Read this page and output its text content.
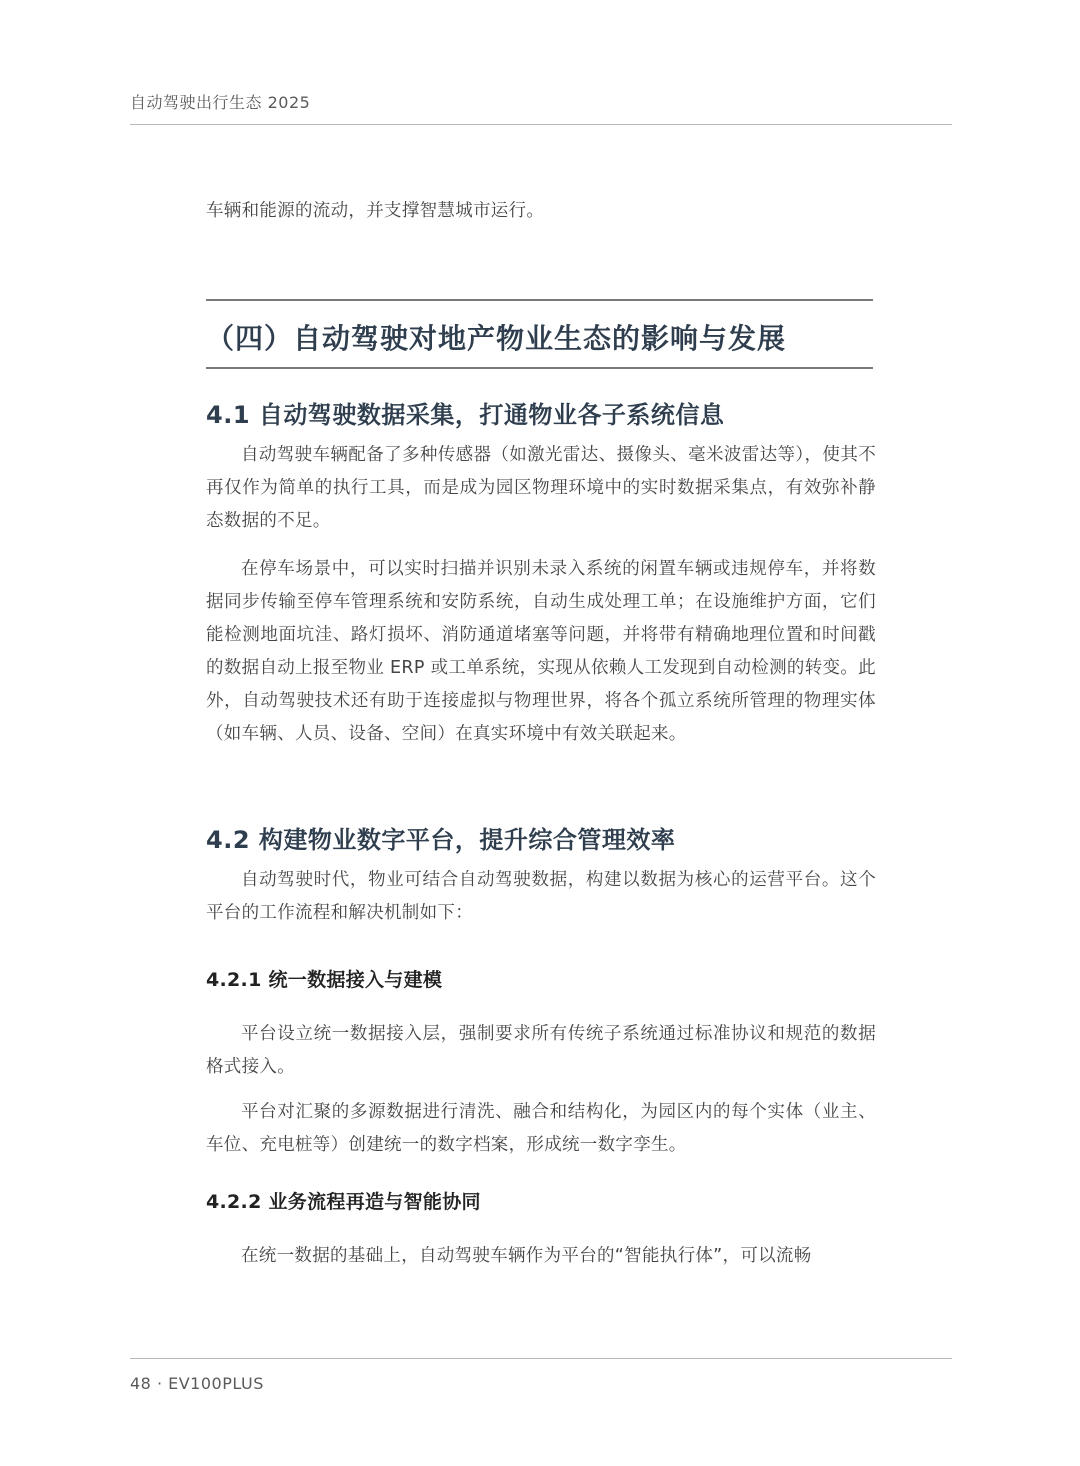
自动驾驶出行生态 2025

车辆和能源的流动，并支撑智慧城市运行。

（四）自动驾驶对地产物业生态的影响与发展
4.1 自动驾驶数据采集，打通物业各子系统信息

自动驾驶车辆配备了多种传感器（如激光雷达、摄像头、毫米波雷达等），使其不再仅作为简单的执行工具，而是成为园区物理环境中的实时数据采集点，有效弥补静态数据的不足。

在停车场景中，可以实时扫描并识别未录入系统的闲置车辆或违规停车，并将数据同步传输至停车管理系统和安防系统，自动生成处理工单；在设施维护方面，它们能检测地面坑洼、路灯损坏、消防通道堵塞等问题，并将带有精确地理位置和时间戳的数据自动上报至物业 ERP 或工单系统，实现从依赖人工发现到自动检测的转变。此外，自动驾驶技术还有助于连接虚拟与物理世界，将各个孤立系统所管理的物理实体（如车辆、人员、设备、空间）在真实环境中有效关联起来。

4.2 构建物业数字平台，提升综合管理效率

自动驾驶时代，物业可结合自动驾驶数据，构建以数据为核心的运营平台。这个平台的工作流程和解决机制如下：

4.2.1 统一数据接入与建模

平台设立统一数据接入层，强制要求所有传统子系统通过标准协议和规范的数据格式接入。

平台对汇聚的多源数据进行清洗、融合和结构化，为园区内的每个实体（业主、车位、充电桩等）创建统一的数字档案，形成统一数字孪生。

4.2.2 业务流程再造与智能协同

在统一数据的基础上，自动驾驶车辆作为平台的“智能执行体”，可以流畅

48 · EV100PLUS
